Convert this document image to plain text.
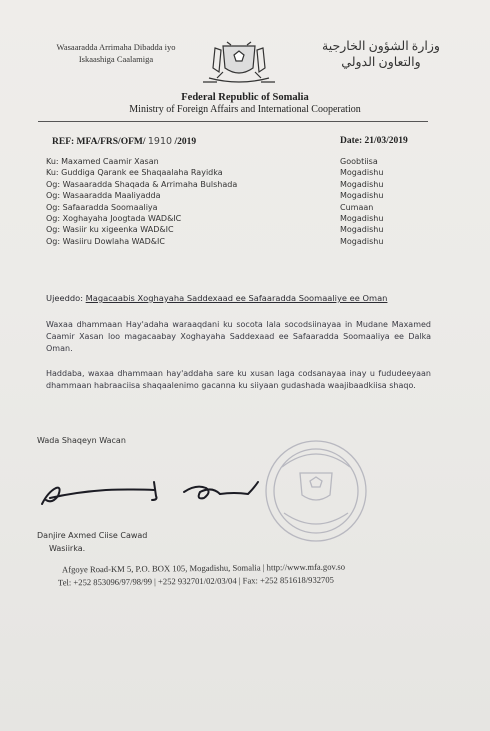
Wasaaradda Arrimaha Dibadda iyo
Iskaashiga Caalamiga
وزارة الشؤون الخارجية
والتعاون الدولي
Federal Republic of Somalia
Ministry of Foreign Affairs and International Cooperation
REF: MFA/FRS/OFM/ 1910 /2019	Date: 21/03/2019
Ku: Maxamed Caamir Xasan	Goobtiisa
Ku: Guddiga Qarank ee Shaqaalaha Rayidka	Mogadishu
Og: Wasaaradda Shaqada & Arrimaha Bulshada	Mogadishu
Og: Wasaaradda Maaliyadda	Mogadishu
Og: Safaaradda Soomaaliya	Cumaan
Og: Xoghayaha Joogtada WAD&IC	Mogadishu
Og: Wasiir ku xigeenka WAD&IC	Mogadishu
Og: Wasiiru Dowlaha WAD&IC	Mogadishu
Ujeeddo: Magacaabis Xoghayaha Saddexaad ee Safaaradda Soomaaliye ee Oman
Waxaa dhammaan Hay'adaha waraaqdani ku socota lala socodsiinayaa in Mudane Maxamed Caamir Xasan loo magacaabay Xoghayaha Saddexaad ee Safaaradda Soomaaliya ee Dalka Oman.
Haddaba, waxaa dhammaan hay'addaha sare ku xusan laga codsanayaa inay u fududeeyaan dhammaan habraaciisa shaqaalenimo gacanna ku siiyaan gudashada waajibaadkiisa shaqo.
Wada Shaqeyn Wacan
Danjire Axmed Ciise Cawad
Wasiirka.
Afgoye Road-KM 5, P.O. BOX 105, Mogadishu, Somalia | http://www.mfa.gov.so
Tel: +252 853096/97/98/99 | +252 932701/02/03/04 | Fax: +252 851618/932705
